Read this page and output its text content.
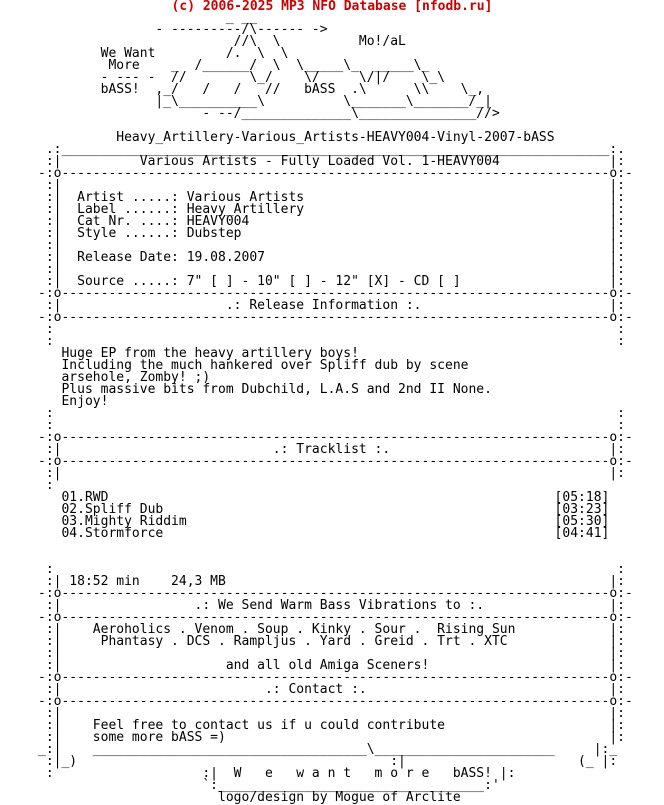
(c) 2006-2025 MP3 NFO Database [nfodb.ru]
_ __
- ---------/\------ ->
//\  \          Mo!/aL
We Want         /.  \  \
More    _  /______/  \  \_____\_  _____\_
- --- -  //        \_/    \/     \/|/    \_\
bASS!  ,_/   /   /   //   bASS  .\      \\    \_,
|_\__________\          \_______\_______/_|
- --/______________\_______________//>

Heavy_Artillery-Various_Artists-HEAVY004-Vinyl-2007-bASS
.:______________________________________________________________________:.
:|          Various Artists - Fully Loaded Vol. 1-HEAVY004              |:
-:o----------------------------------------------------------------------o:-
:|                                                                      |:
:|  Artist .....: Various Artists                                       |:
:|  Label ......: Heavy_Artillery                                       |:
:|  Cat Nr. ....: HEAVY004                                              |:
:|  Style ......: Dubstep                                               |:
:|                                                                      |:
:|  Release Date: 19.08.2007                                            |:
:|                                                                      |:
:|  Source .....: 7" [ ] - 10" [ ] - 12" [X] - CD [ ]                   |:
-:o----------------------------------------------------------------------o:-
:|                     .: Release Information :.                        |:
-:o----------------------------------------------------------------------o:-
:                                                                        :
:                                                                        :
Huge EP from the heavy artillery boys!
Including the much hankered over Spliff dub by scene
arsehole, Zomby! ;)
Plus massive bits from Dubchild, L.A.S and 2nd II None.
Enjoy!
:                                                                        :
:                                                                        :
-:o----------------------------------------------------------------------o:-
:|                           .: Tracklist :.                            |:
-:o----------------------------------------------------------------------o:-
:|                                                                      |:
:
01.RWD                                                         [05:18]
02.Spliff Dub                                                  [03:23]
03.Mighty Riddim                                               [05:30]
04.Stormforce                                                  [04:41]

:                                                                        :
:| 18:52 min    24,3 MB                                                 |:
-:o----------------------------------------------------------------------o:-
:|                 .: We Send Warm Bass Vibrations to :.                |:
-:o----------------------------------------------------------------------o:-
:|    Aeroholics . Venom . Soup . Kinky . Sour .  Rising Sun            |:
:|     Phantasy . DCS . Rampljus . Yard . Greid . Trt . XTC             |:
:|                                                                      |:
:|                     and all old Amiga Sceners!                       |:
-:o----------------------------------------------------------------------o:-
:|                          .: Contact :.                               |:
-:o----------------------------------------------------------------------o:-
:|                                                                      |:
:|    Feel free to contact us if u could contribute                     |:
:|    some more bASS =)                                                 |:
_:|    ___________________________________\_______________________     |:_
:|_)                                        :|                      (_ |:
:                   :|  W   e   w a n t   m o r e   bASS! |:
`:__________________________________:'
logo/design by Mogue of Arclite
